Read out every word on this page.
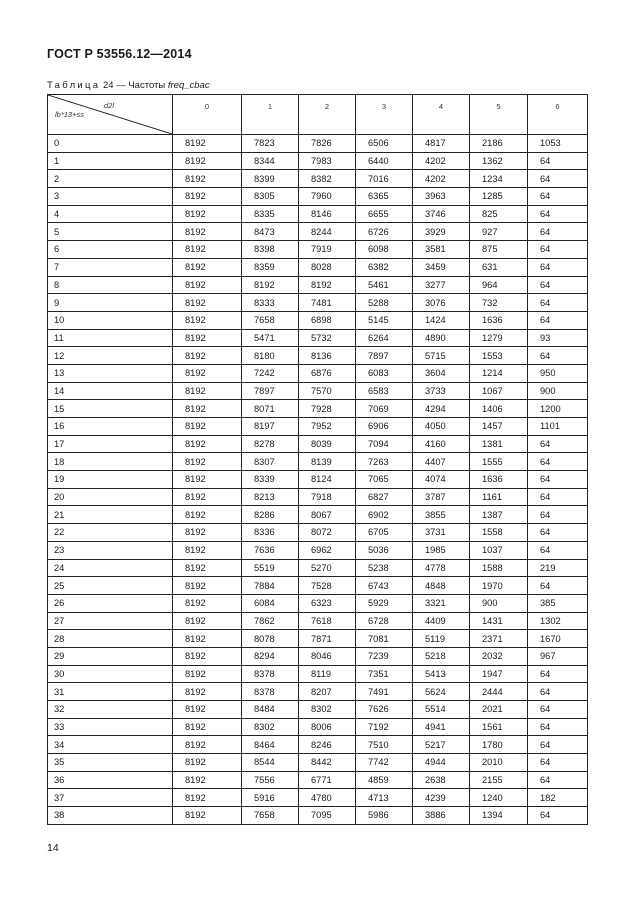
ГОСТ Р 53556.12—2014
Таблица 24 — Частоты freq_cbac
d2l
lb*13+ss	0	1	2	3	4	5	6
0	8192	7823	7826	6506	4817	2186	1053
1	8192	8344	7983	6440	4202	1362	64
2	8192	8399	8382	7016	4202	1234	64
3	8192	8305	7960	6365	3963	1285	64
4	8192	8335	8146	6655	3746	825	64
5	8192	8473	8244	6726	3929	927	64
6	8192	8398	7919	6098	3581	875	64
7	8192	8359	8028	6382	3459	631	64
8	8192	8192	8192	5461	3277	964	64
9	8192	8333	7481	5288	3076	732	64
10	8192	7658	6898	5145	1424	1636	64
11	8192	5471	5732	6264	4890	1279	93
12	8192	8180	8136	7897	5715	1553	64
13	8192	7242	6876	6083	3604	1214	950
14	8192	7897	7570	6583	3733	1067	900
15	8192	8071	7928	7069	4294	1406	1200
16	8192	8197	7952	6906	4050	1457	1101
17	8192	8278	8039	7094	4160	1381	64
18	8192	8307	8139	7263	4407	1555	64
19	8192	8339	8124	7065	4074	1636	64
20	8192	8213	7918	6827	3787	1161	64
21	8192	8286	8067	6902	3855	1387	64
22	8192	8336	8072	6705	3731	1558	64
23	8192	7636	6962	5036	1985	1037	64
24	8192	5519	5270	5238	4778	1588	219
25	8192	7884	7528	6743	4848	1970	64
26	8192	6084	6323	5929	3321	900	385
27	8192	7862	7618	6728	4409	1431	1302
28	8192	8078	7871	7081	5119	2371	1670
29	8192	8294	8046	7239	5218	2032	967
30	8192	8378	8119	7351	5413	1947	64
31	8192	8378	8207	7491	5624	2444	64
32	8192	8484	8302	7626	5514	2021	64
33	8192	8302	8006	7192	4941	1561	64
34	8192	8464	8246	7510	5217	1780	64
35	8192	8544	8442	7742	4944	2010	64
36	8192	7556	6771	4859	2638	2155	64
37	8192	5916	4780	4713	4239	1240	182
38	8192	7658	7095	5986	3886	1394	64
14
